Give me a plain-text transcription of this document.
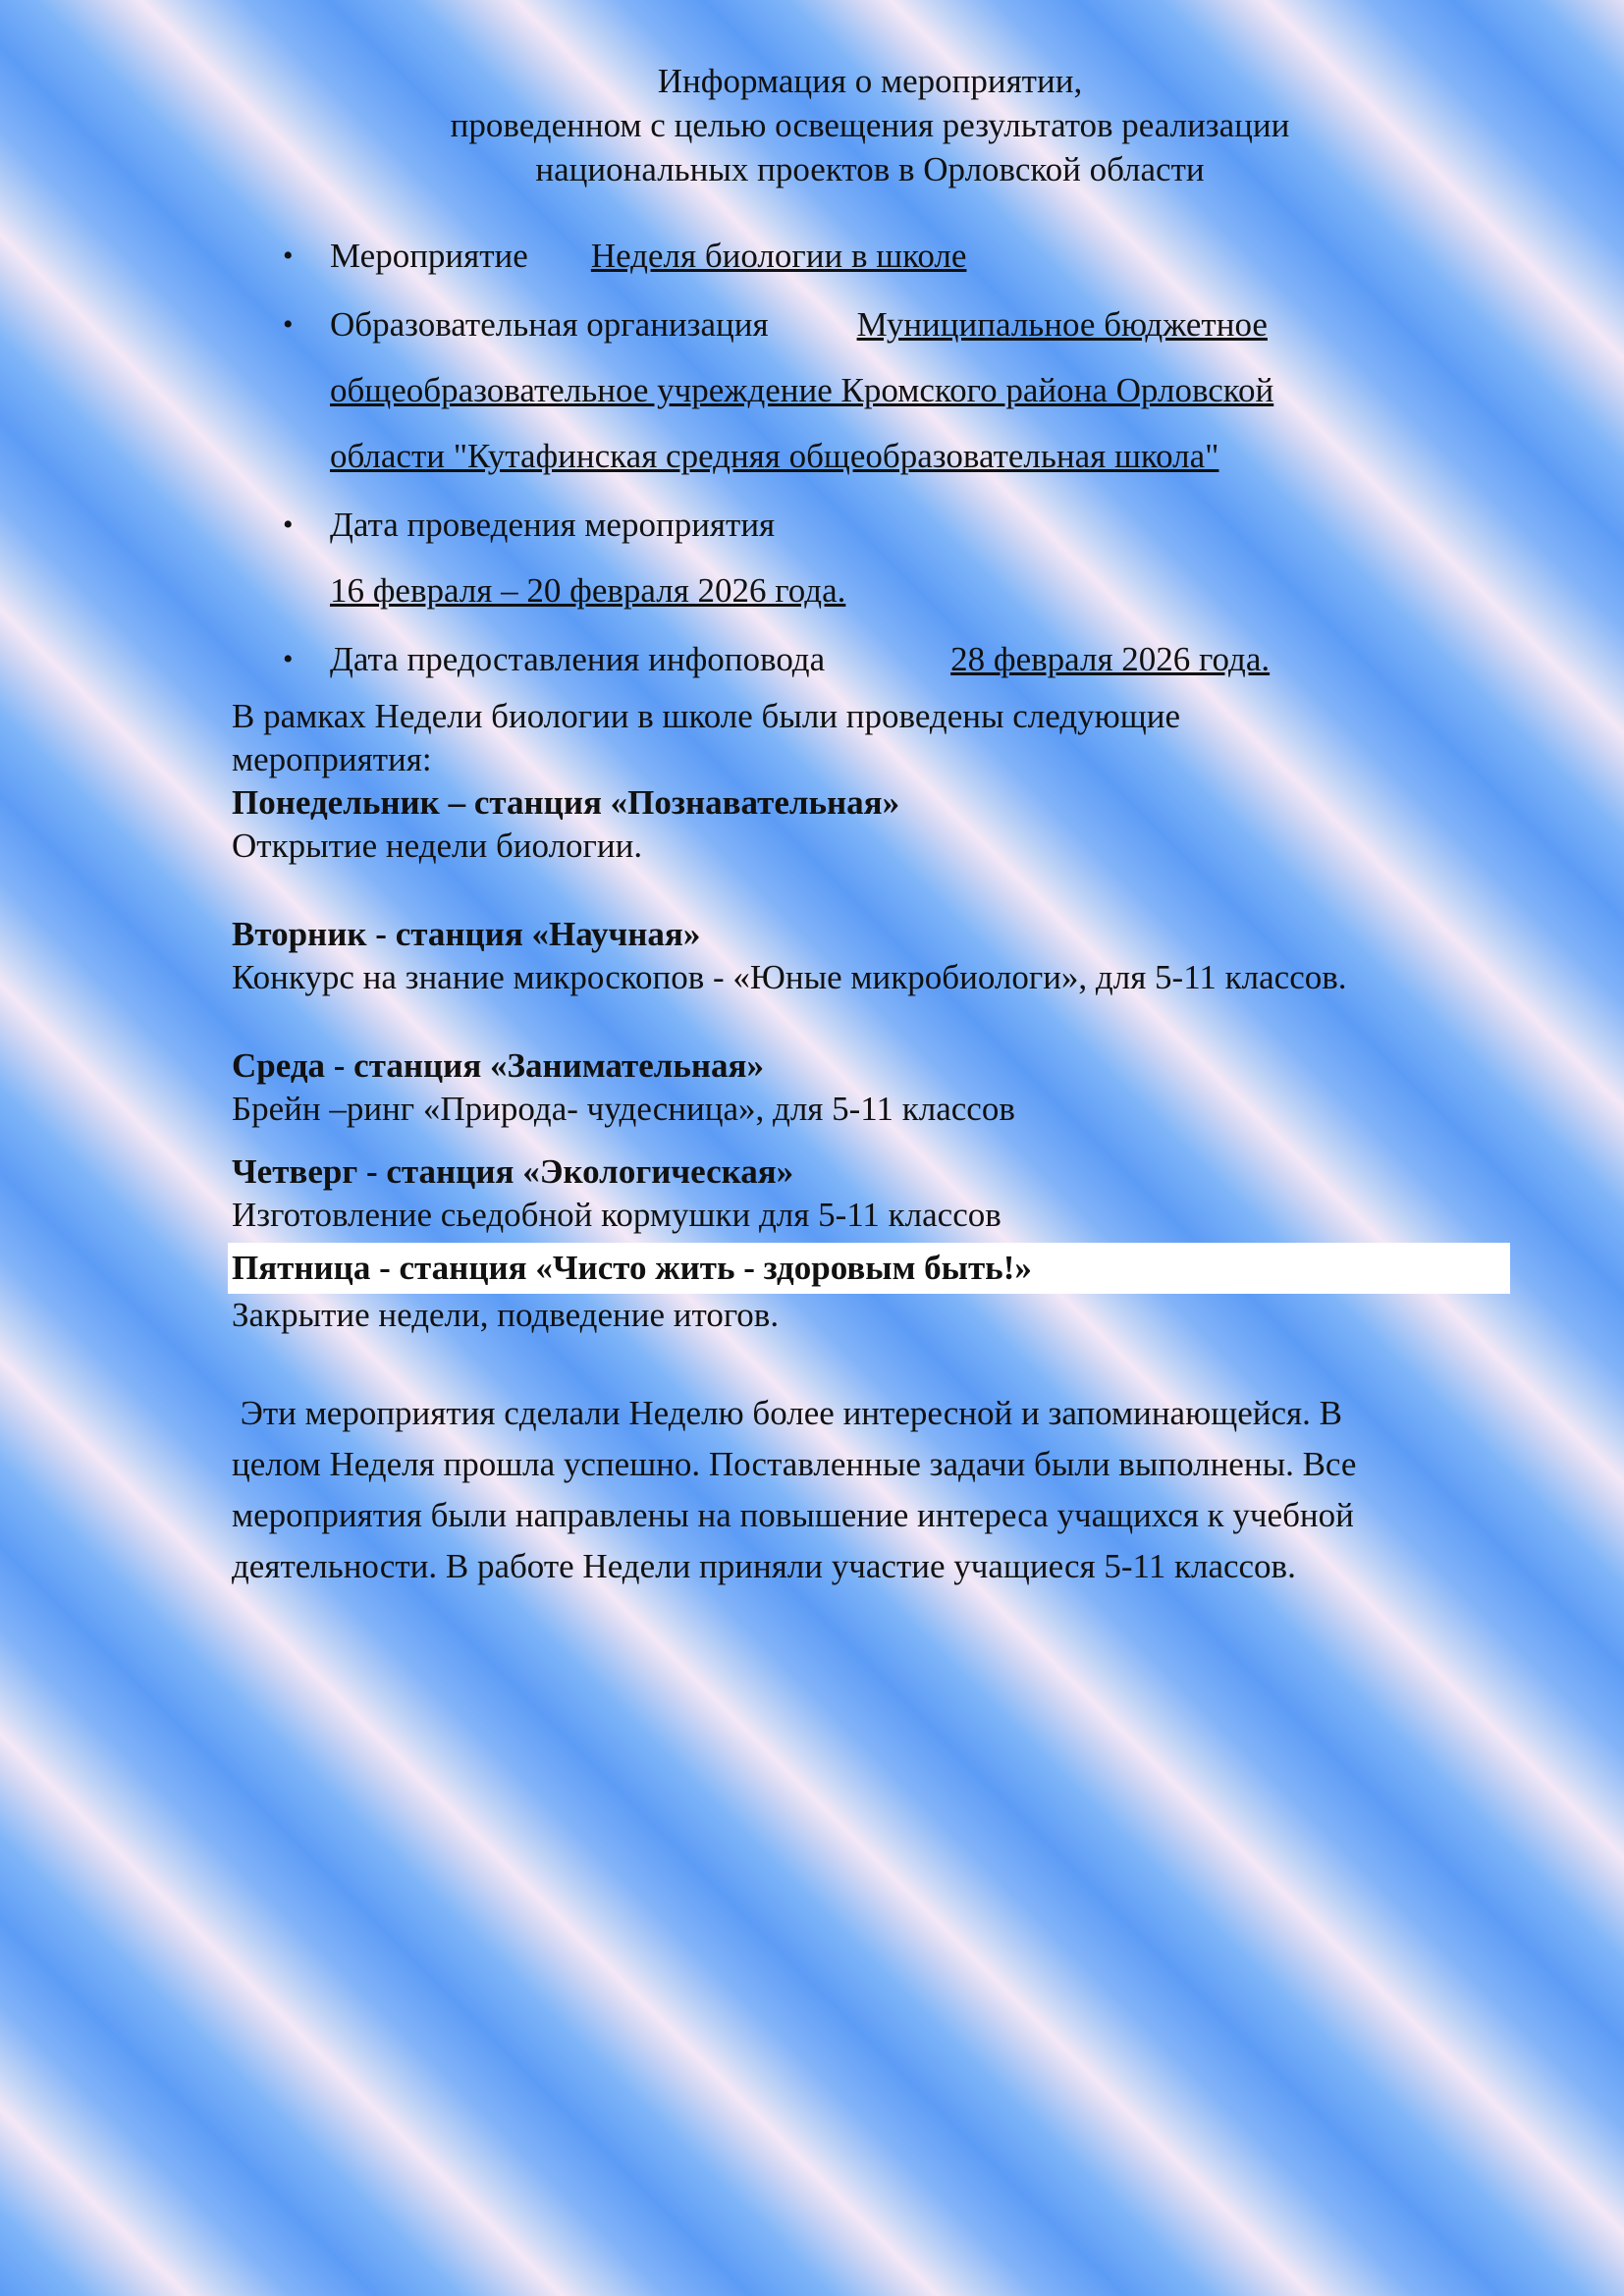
Информация о мероприятии,
проведенном с целью освещения результатов реализации
национальных проектов в Орловской области
• Мероприятие Неделя биологии в школе
• Образовательная организация	Муниципальное бюджетное
общеобразовательное учреждение Кромского района Орловской
области "Кутафинская средняя общеобразовательная школа"
• Дата проведения мероприятия
16 февраля – 20 февраля 2026 года.
• Дата предоставления инфоповода	28 февраля 2026 года.
В рамках Недели биологии в школе были проведены следующие
мероприятия:
Понедельник – станция «Познавательная»
Открытие недели биологии.
Вторник - станция «Научная»
Конкурс на знание микроскопов - «Юные микробиологи», для 5-11 классов.
Среда - станция «Занимательная»
Брейн –ринг «Природа- чудесница», для 5-11 классов
Четверг - станция «Экологическая»
Изготовление сьедобной кормушки для 5-11 классов
Пятница - станция «Чисто жить - здоровым быть!»
Закрытие недели, подведение итогов.
Эти мероприятия сделали Неделю более интересной и запоминающейся. В
целом Неделя прошла успешно. Поставленные задачи были выполнены. Все
мероприятия были направлены на повышение интереса учащихся к учебной
деятельности. В работе Недели приняли участие учащиеся 5-11 классов.
